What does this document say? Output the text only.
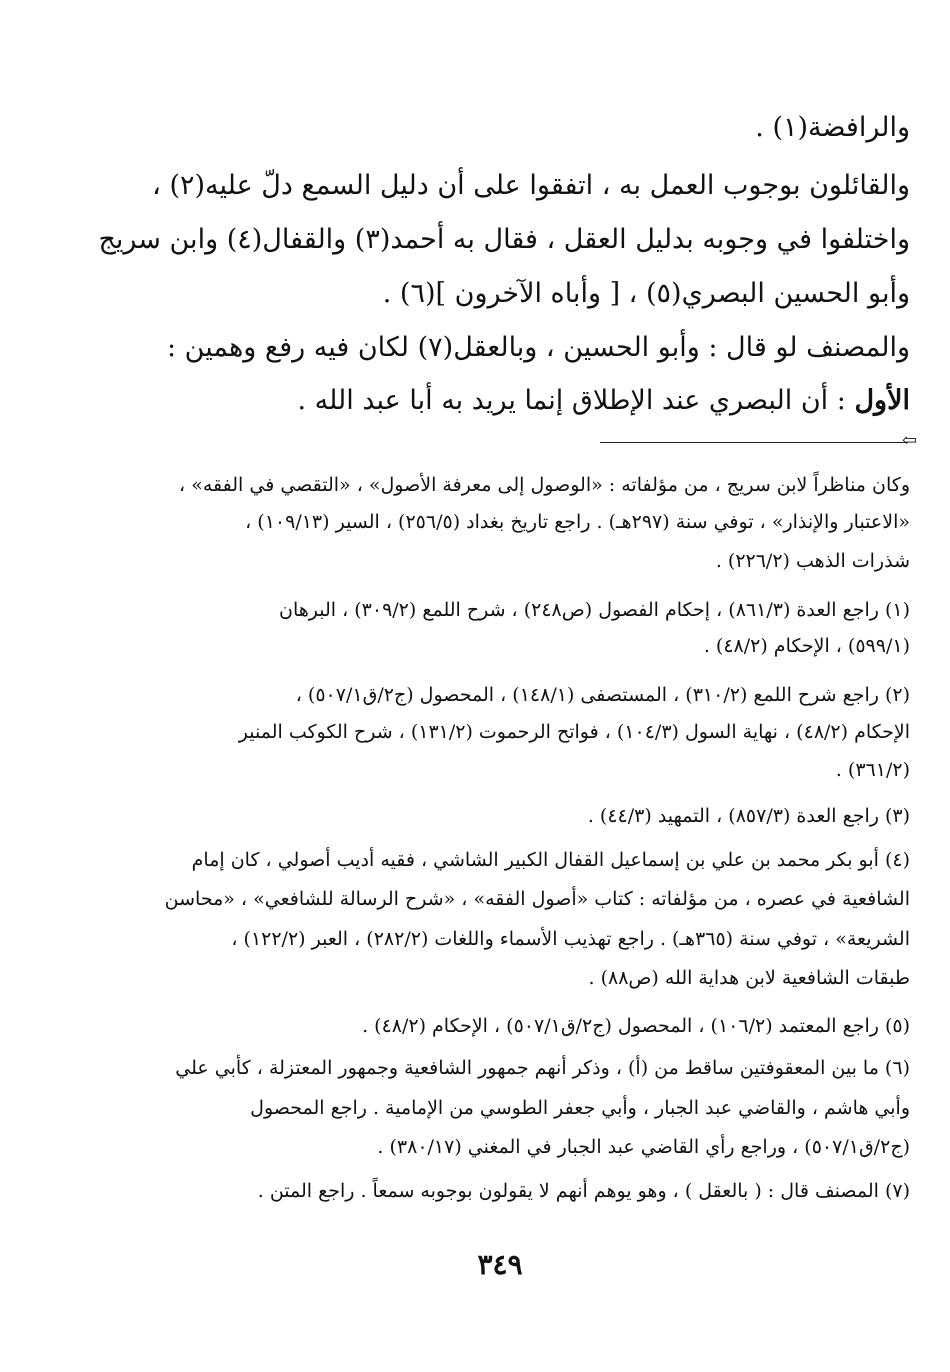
والرافضة(١) .
والقائلون بوجوب العمل به ، اتفقوا على أن دليل السمع دلّ عليه(٢) ،
واختلفوا في وجوبه بدليل العقل ، فقال به أحمد(٣) والقفال(٤) وابن سريج
وأبو الحسين البصري(٥) ، [ وأباه الآخرون ](٦) .
والمصنف لو قال : وأبو الحسين ، وبالعقل(٧) لكان فيه رفع وهمين :
الأول : أن البصري عند الإطلاق إنما يريد به أبا عبد الله .
⇦
وكان مناظراً لابن سريج ، من مؤلفاته : «الوصول إلى معرفة الأصول» ، «التقصي في الفقه» ،
«الاعتبار والإنذار» ، توفي سنة (٢٩٧هـ) . راجع تاريخ بغداد (٢٥٦/٥) ، السير (١٠٩/١٣) ،
شذرات الذهب (٢٢٦/٢) .
(١) راجع العدة (٨٦١/٣) ، إحكام الفصول (ص٢٤٨) ، شرح اللمع (٣٠٩/٢) ، البرهان
(٥٩٩/١) ، الإحكام (٤٨/٢) .
(٢) راجع شرح اللمع (٣١٠/٢) ، المستصفى (١٤٨/١) ، المحصول (ج٢/ق٥٠٧/١) ،
الإحكام (٤٨/٢) ، نهاية السول (١٠٤/٣) ، فواتح الرحموت (١٣١/٢) ، شرح الكوكب المنير
(٣٦١/٢) .
(٣) راجع العدة (٨٥٧/٣) ، التمهيد (٤٤/٣) .
(٤) أبو بكر محمد بن علي بن إسماعيل القفال الكبير الشاشي ، فقيه أديب أصولي ، كان إمام
الشافعية في عصره ، من مؤلفاته : كتاب «أصول الفقه» ، «شرح الرسالة للشافعي» ، «محاسن
الشريعة» ، توفي سنة (٣٦٥هـ) . راجع تهذيب الأسماء واللغات (٢٨٢/٢) ، العبر (١٢٢/٢) ،
طبقات الشافعية لابن هداية الله (ص٨٨) .
(٥) راجع المعتمد (١٠٦/٢) ، المحصول (ج٢/ق٥٠٧/١) ، الإحكام (٤٨/٢) .
(٦) ما بين المعقوفتين ساقط من (أ) ، وذكر أنهم جمهور الشافعية وجمهور المعتزلة ، كأبي علي
وأبي هاشم ، والقاضي عبد الجبار ، وأبي جعفر الطوسي من الإمامية . راجع المحصول
(ج٢/ق٥٠٧/١) ، وراجع رأي القاضي عبد الجبار في المغني (٣٨٠/١٧) .
(٧) المصنف قال : ( بالعقل ) ، وهو يوهم أنهم لا يقولون بوجوبه سمعاً . راجع المتن .
٣٤٩
